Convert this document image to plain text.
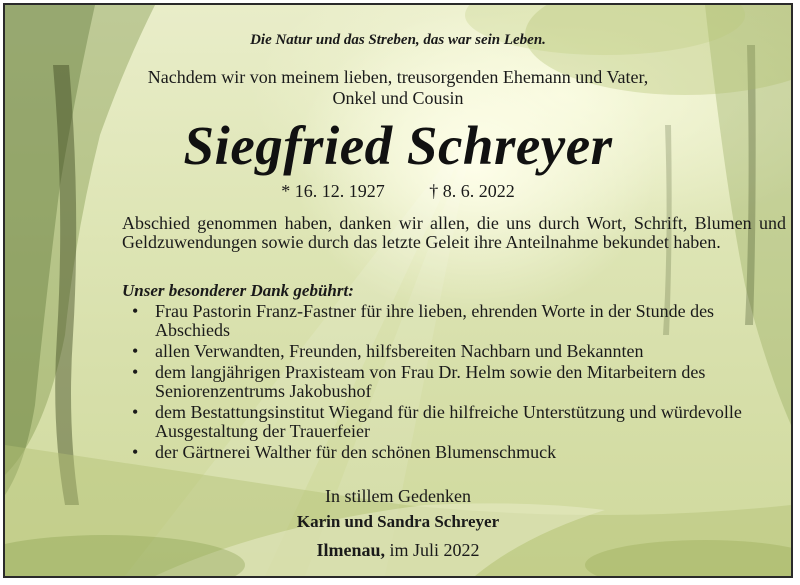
Die Natur und das Streben, das war sein Leben.
Nachdem wir von meinem lieben, treusorgenden Ehemann und Vater,
Onkel und Cousin
Siegfried Schreyer
* 16. 12. 1927 † 8. 6. 2022
Abschied genommen haben, danken wir allen, die uns durch Wort, Schrift, Blumen und Geldzuwendungen sowie durch das letzte Geleit ihre Anteilnahme bekundet haben.
Unser besonderer Dank gebührt:
• Frau Pastorin Franz-Fastner für ihre lieben, ehrenden Worte in der Stunde des Abschieds
• allen Verwandten, Freunden, hilfsbereiten Nachbarn und Bekannten
• dem langjährigen Praxisteam von Frau Dr. Helm sowie den Mitarbeitern des Seniorenzentrums Jakobushof
• dem Bestattungsinstitut Wiegand für die hilfreiche Unterstützung und würdevolle Ausgestaltung der Trauerfeier
• der Gärtnerei Walther für den schönen Blumenschmuck
In stillem Gedenken
Karin und Sandra Schreyer
Ilmenau, im Juli 2022
